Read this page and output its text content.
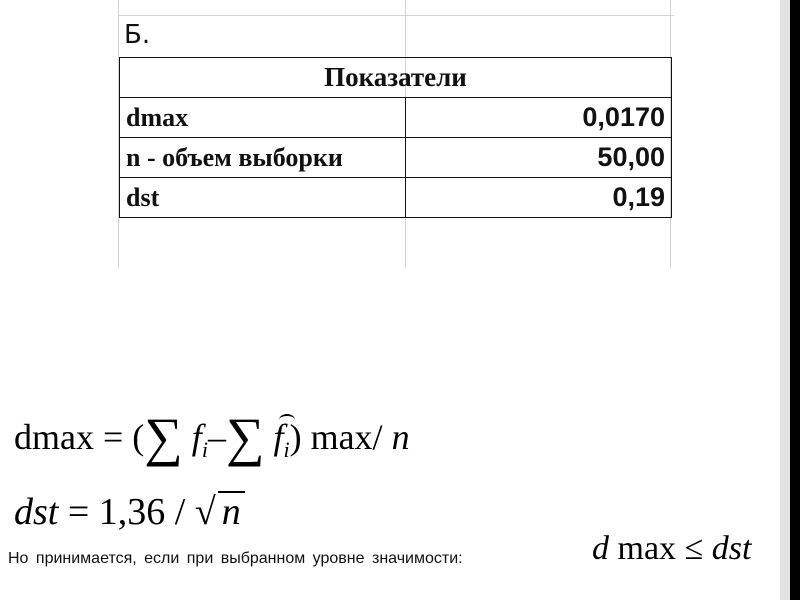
Б.
Показатели	
dmax	0,0170
n - объем выборки	50,00
dst	0,19
dmax = (∑ $f_i-\sum$ $f_i$) max/ n
dst = 1,36 / √ n
Но принимается, если при выбранном уровне значимости:	d max ≤ dst
